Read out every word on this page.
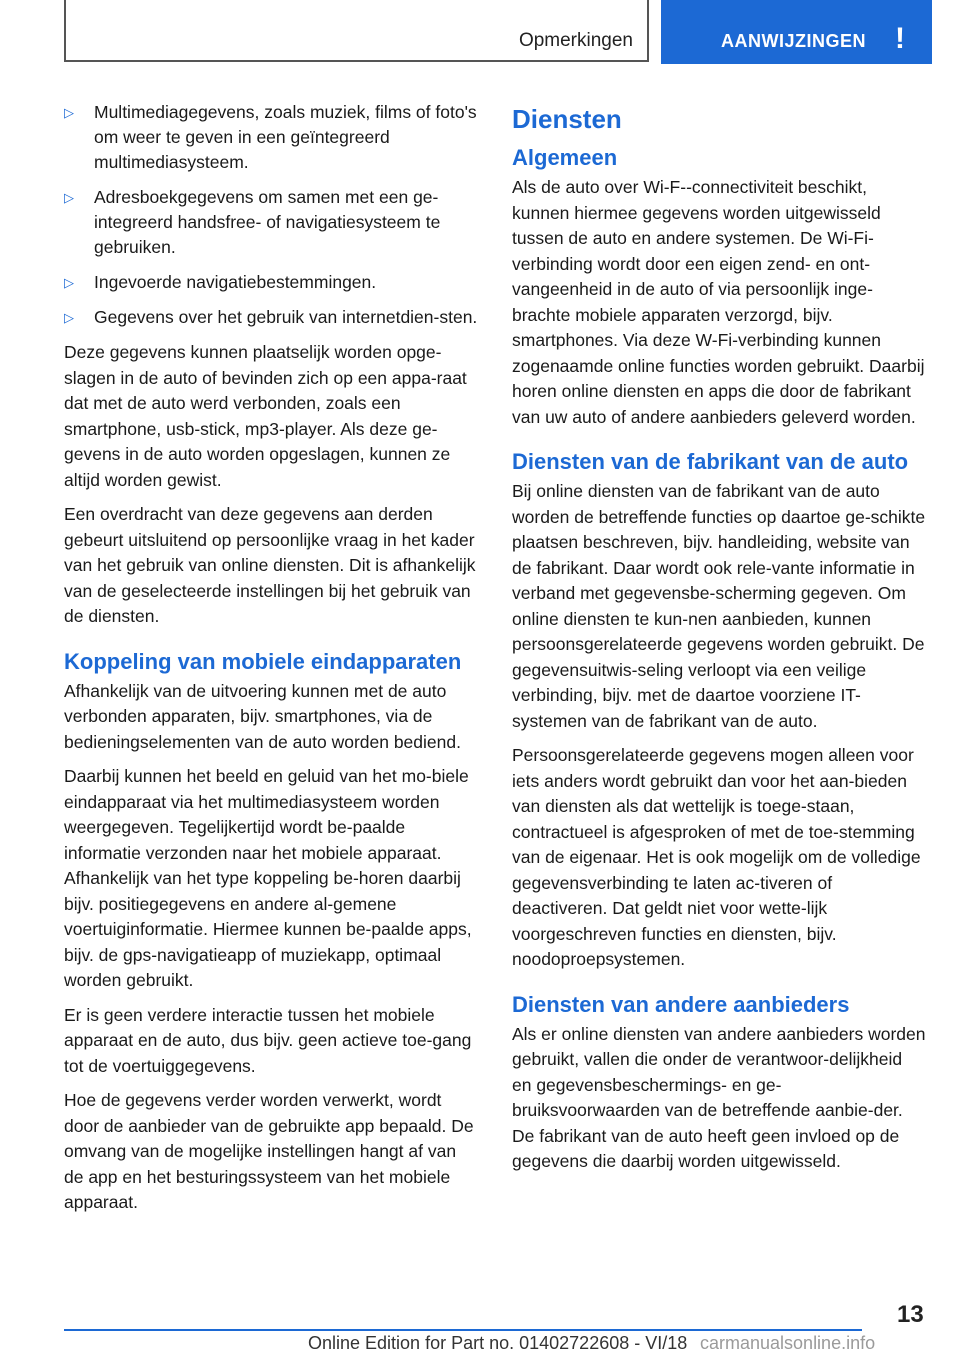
Opmerkingen	AANWIJZINGEN !
▷ Multimediagegevens, zoals muziek, films of foto's om weer te geven in een geïntegreerd multimediasysteem.
▷ Adresboekgegevens om samen met een ge-integreerd handsfree- of navigatiesysteem te gebruiken.
▷ Ingevoerde navigatiebestemmingen.
▷ Gegevens over het gebruik van internetdien-sten.

Deze gegevens kunnen plaatselijk worden opge-slagen in de auto of bevinden zich op een appa-raat dat met de auto werd verbonden, zoals een smartphone, usb-stick, mp3-player. Als deze ge-gevens in de auto worden opgeslagen, kunnen ze altijd worden gewist.

Een overdracht van deze gegevens aan derden gebeurt uitsluitend op persoonlijke vraag in het kader van het gebruik van online diensten. Dit is afhankelijk van de geselecteerde instellingen bij het gebruik van de diensten.

Koppeling van mobiele eindapparaten

Afhankelijk van de uitvoering kunnen met de auto verbonden apparaten, bijv. smartphones, via de bedieningselementen van de auto worden bediend.

Daarbij kunnen het beeld en geluid van het mo-biele eindapparaat via het multimediasysteem worden weergegeven. Tegelijkertijd wordt be-paalde informatie verzonden naar het mobiele apparaat. Afhankelijk van het type koppeling be-horen daarbij bijv. positiegegevens en andere al-gemene voertuiginformatie. Hiermee kunnen be-paalde apps, bijv. de gps-navigatieapp of muziekapp, optimaal worden gebruikt.

Er is geen verdere interactie tussen het mobiele apparaat en de auto, dus bijv. geen actieve toe-gang tot de voertuiggegevens.

Hoe de gegevens verder worden verwerkt, wordt door de aanbieder van de gebruikte app bepaald. De omvang van de mogelijke instellingen hangt af van de app en het besturingssysteem van het mobiele apparaat.

Diensten
Algemeen

Als de auto over Wi-F--connectiviteit beschikt, kunnen hiermee gegevens worden uitgewisseld tussen de auto en andere systemen. De Wi-Fi-verbinding wordt door een eigen zend- en ont-vangeenheid in de auto of via persoonlijk inge-brachte mobiele apparaten verzorgd, bijv. smartphones. Via deze W-Fi-verbinding kunnen zogenaamde online functies worden gebruikt. Daarbij horen online diensten en apps die door de fabrikant van uw auto of andere aanbieders geleverd worden.

Diensten van de fabrikant van de auto

Bij online diensten van de fabrikant van de auto worden de betreffende functies op daartoe ge-schikte plaatsen beschreven, bijv. handleiding, website van de fabrikant. Daar wordt ook rele-vante informatie in verband met gegevensbe-scherming gegeven. Om online diensten te kun-nen aanbieden, kunnen persoonsgerelateerde gegevens worden gebruikt. De gegevensuitwis-seling verloopt via een veilige verbinding, bijv. met de daartoe voorziene IT-systemen van de fabrikant van de auto.

Persoonsgerelateerde gegevens mogen alleen voor iets anders wordt gebruikt dan voor het aan-bieden van diensten als dat wettelijk is toege-staan, contractueel is afgesproken of met de toe-stemming van de eigenaar. Het is ook mogelijk om de volledige gegevensverbinding te laten ac-tiveren of deactiveren. Dat geldt niet voor wette-lijk voorgeschreven functies en diensten, bijv. noodoproepsystemen.

Diensten van andere aanbieders

Als er online diensten van andere aanbieders worden gebruikt, vallen die onder de verantwoor-delijkheid en gegevensbeschermings- en ge-bruiksvoorwaarden van de betreffende aanbie-der. De fabrikant van de auto heeft geen invloed op de gegevens die daarbij worden uitgewisseld.

13
Online Edition for Part no. 01402722608 - VI/18 carmanualsonline.info
